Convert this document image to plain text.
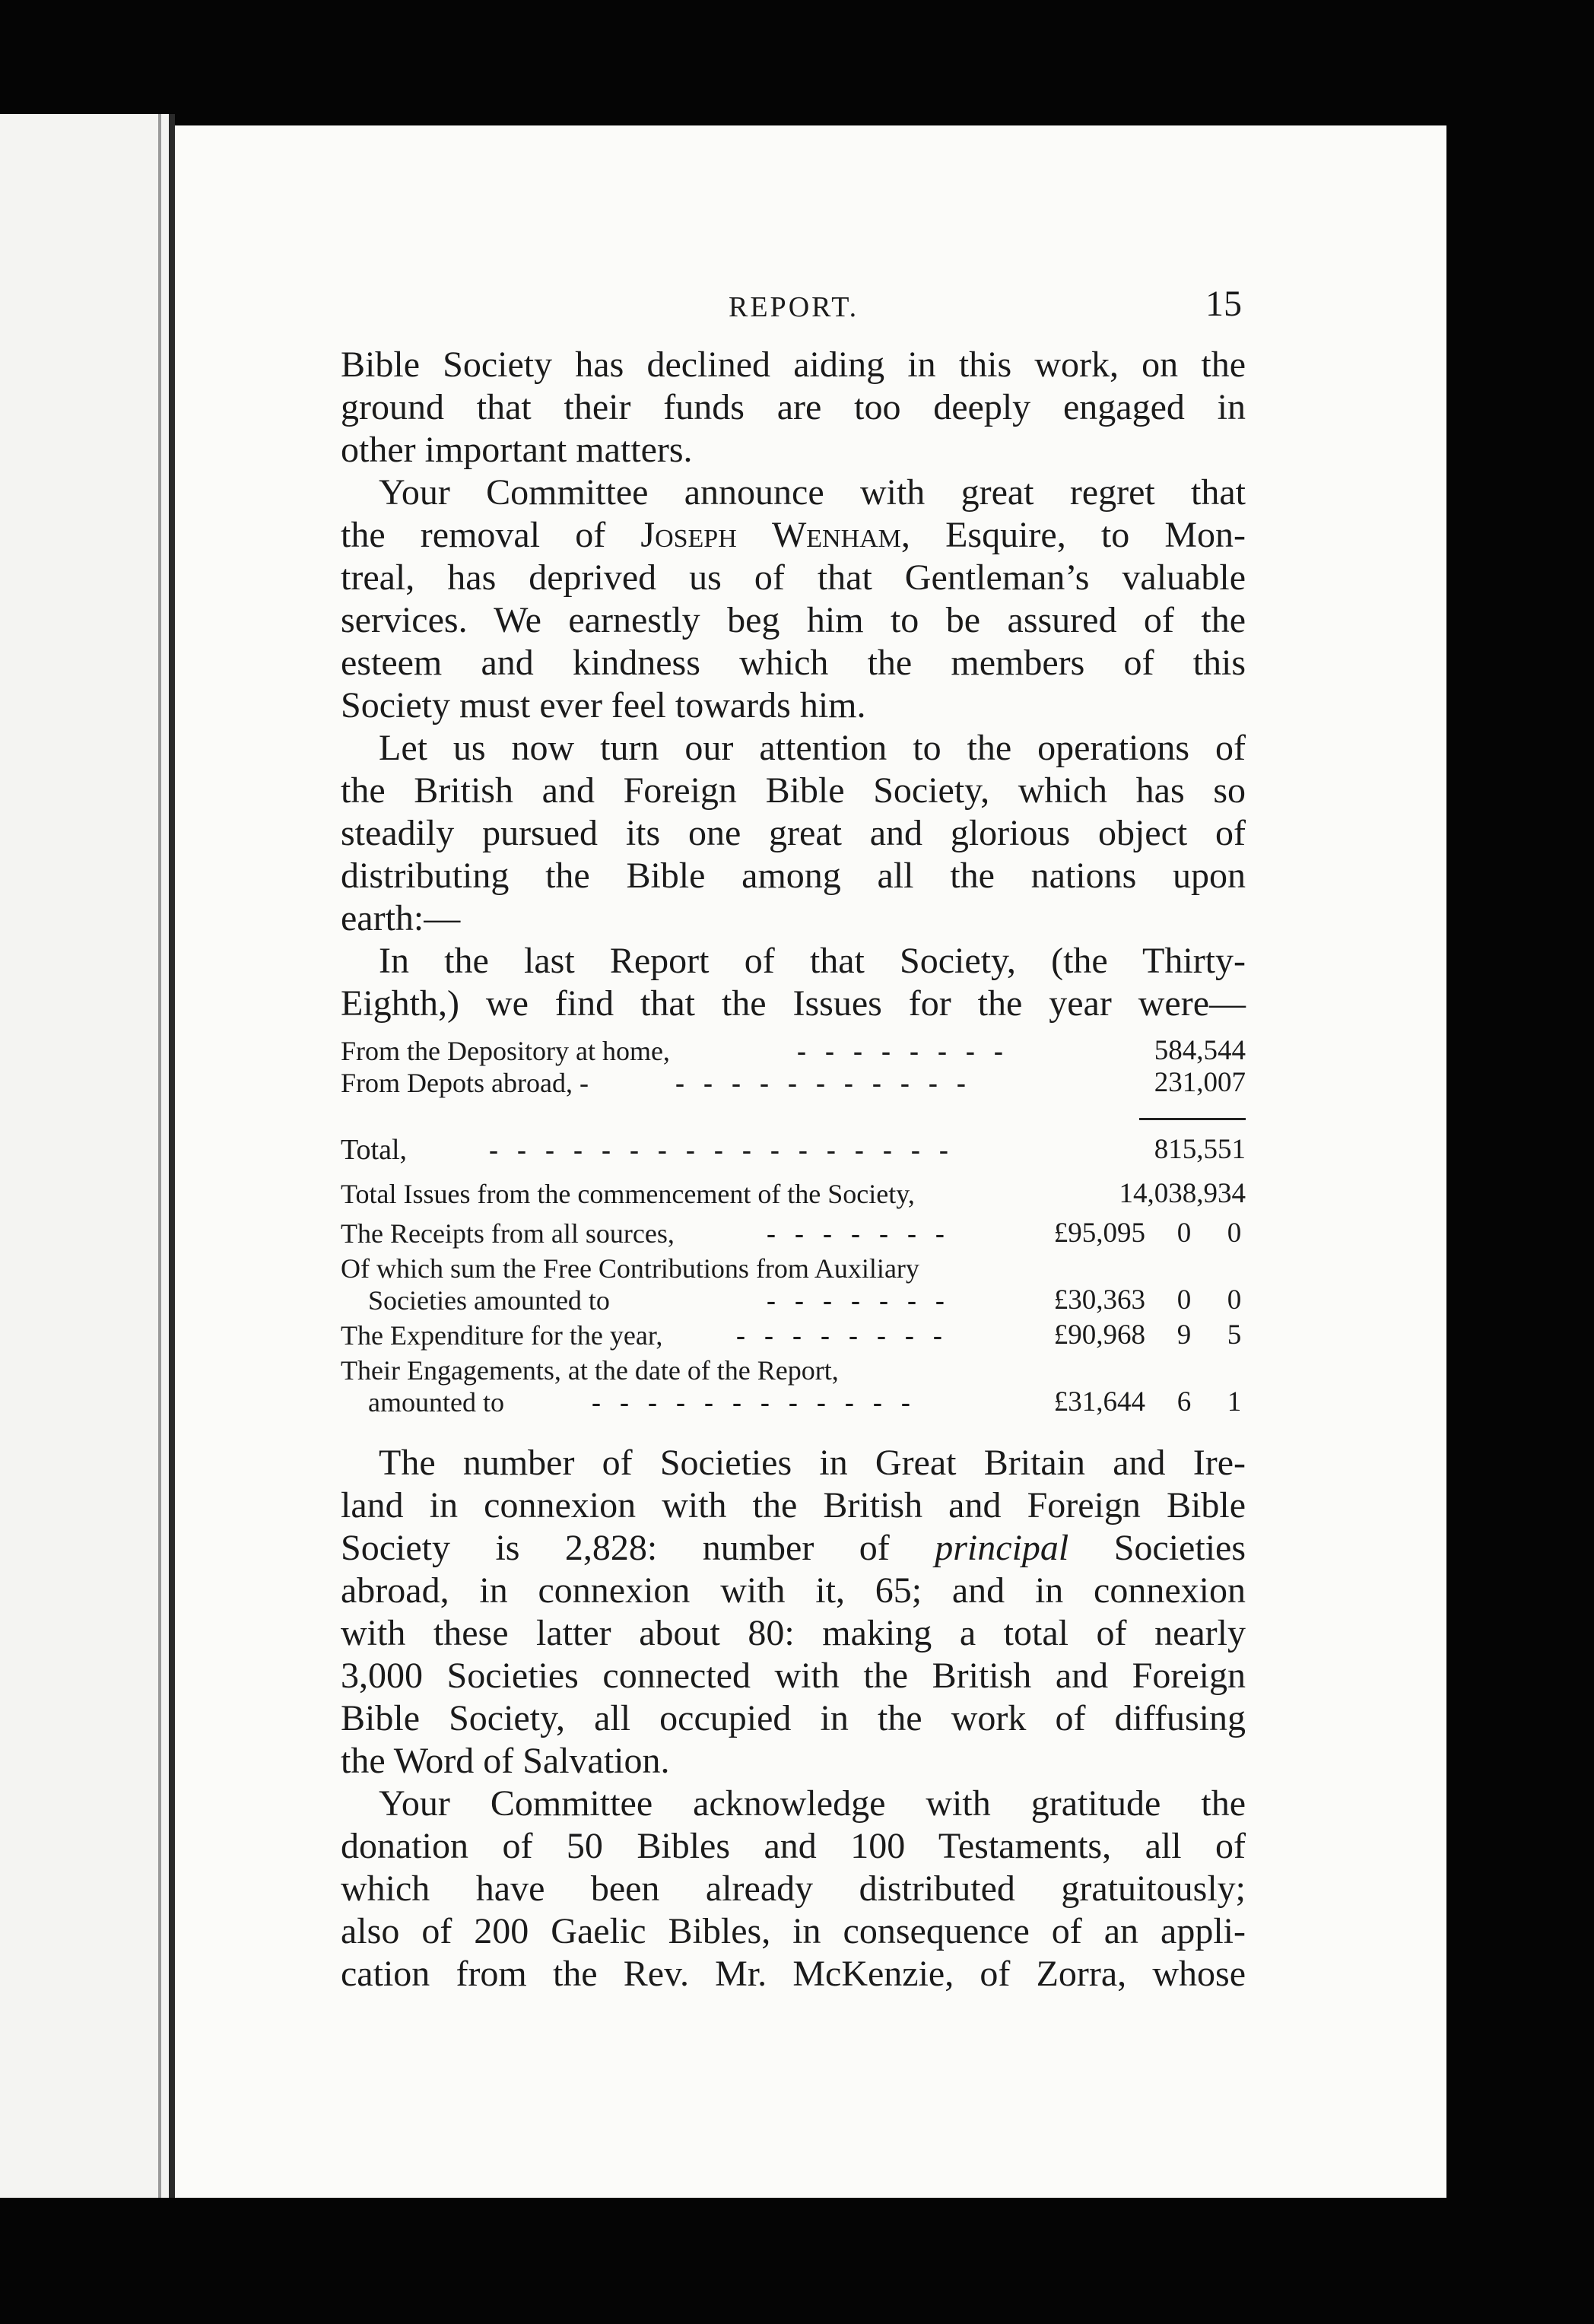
REPORT.	15
Bible Society has declined aiding in this work, on the
ground that their funds are too deeply engaged in
other important matters.
Your Committee announce with great regret that
the removal of Joseph Wenham, Esquire, to Mon-
treal, has deprived us of that Gentleman’s valuable
services. We earnestly beg him to be assured of the
esteem and kindness which the members of this
Society must ever feel towards him.
Let us now turn our attention to the operations of
the British and Foreign Bible Society, which has so
steadily pursued its one great and glorious object of
distributing the Bible among all the nations upon
earth:—
In the last Report of that Society, (the Thirty-
Eighth,) we find that the Issues for the year were—
From the Depository at home,	- - - - - - - -	584,544
From Depots abroad, -	- - - - - - - - - - -	231,007
Total,	- - - - - - - - - - - - - - - - -	815,551
Total Issues from the commencement of the Society,	14,038,934
The Receipts from all sources,	- - - - - - -	£95,095 0 0
Of which sum the Free Contributions from Auxiliary
Societies amounted to	- - - - - - -	£30,363 0 0
The Expenditure for the year,	- - - - - - - -	£90,968 9 5
Their Engagements, at the date of the Report,
amounted to	- - - - - - - - - - - -	£31,644 6 1
The number of Societies in Great Britain and Ire-
land in connexion with the British and Foreign Bible
Society is 2,828: number of principal Societies
abroad, in connexion with it, 65; and in connexion
with these latter about 80: making a total of nearly
3,000 Societies connected with the British and Foreign
Bible Society, all occupied in the work of diffusing
the Word of Salvation.
Your Committee acknowledge with gratitude the
donation of 50 Bibles and 100 Testaments, all of
which have been already distributed gratuitously;
also of 200 Gaelic Bibles, in consequence of an appli-
cation from the Rev. Mr. McKenzie, of Zorra, whose
